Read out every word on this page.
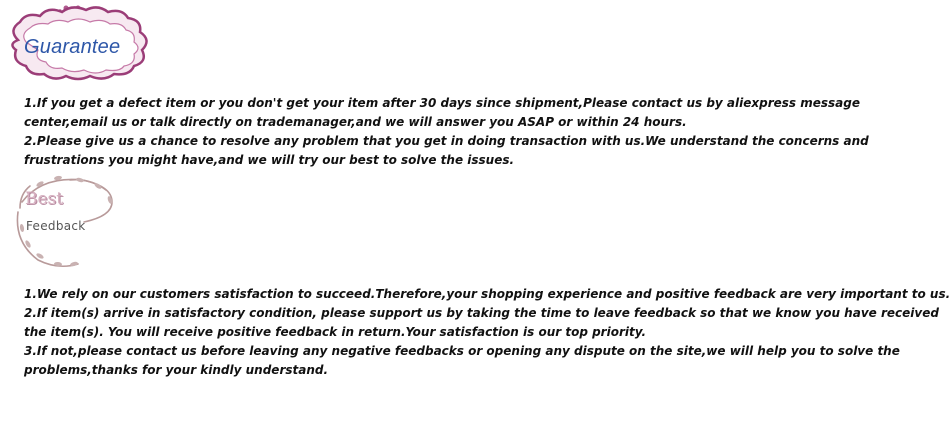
Guarantee
1.If you get a defect item or you don't get your item after 30 days since shipment,Please contact us by aliexpress message
center,email us or talk directly on trademanager,and we will answer you ASAP or within 24 hours.
2.Please give us a chance to resolve any problem that you get in doing transaction with us.We understand the concerns and
frustrations you might have,and we will try our best to solve the issues.
Best
Feedback
1.We rely on our customers satisfaction to succeed.Therefore,your shopping experience and positive feedback are very important to us.
2.If item(s) arrive in satisfactory condition, please support us by taking the time to leave feedback so that we know you have received
the item(s). You will receive positive feedback in return.Your satisfaction is our top priority.
3.If not,please contact us before leaving any negative feedbacks or opening any dispute on the site,we will help you to solve the
problems,thanks for your kindly understand.
